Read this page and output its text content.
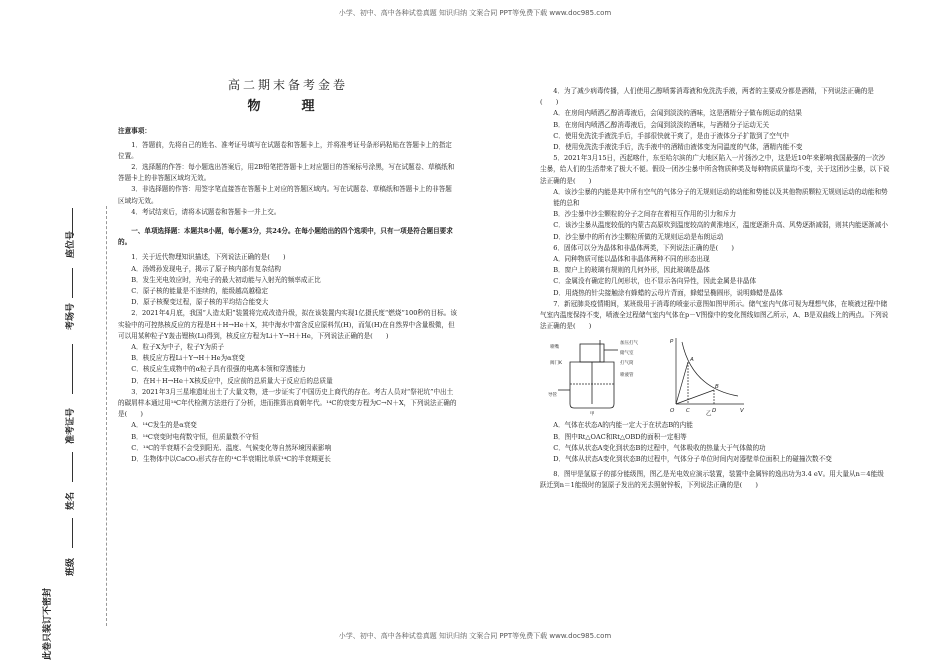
小学、初中、高中各种试卷真题 知识归纳 文案合同 PPT等免费下载 www.doc985.com
小学、初中、高中各种试卷真题 知识归纳 文案合同 PPT等免费下载 www.doc985.com
座位号
考场号
准考证号
姓名
班级
此卷只装订不密封
高二期末备考金卷
物　理

注意事项：

1．答题前，先将自己的姓名、准考证号填写在试题卷和答题卡上，并将准考证号条形码粘贴在答题卡上的指定位置。

2．选择题的作答：每小题选出答案后，用2B铅笔把答题卡上对应题目的答案标号涂黑，写在试题卷、草稿纸和答题卡上的非答题区域均无效。

3．非选择题的作答：用签字笔直接答在答题卡上对应的答题区域内。写在试题卷、草稿纸和答题卡上的非答题区域均无效。

4．考试结束后，请将本试题卷和答题卡一并上交。

一、单项选择题：本题共8小题，每小题3分，共24分。在每小题给出的四个选项中，只有一项是符合题目要求的。

1．关于近代物理知识描述，下列说法正确的是(　　)

A．汤姆孙发现电子，揭示了原子核内部有复杂结构

B．发生光电效应时，光电子的最大初动能与入射光的频率成正比

C．原子核的能量是不连续的，能级越高越稳定

D．原子核聚变过程，原子核的平均结合能变大

2．2021年4月底，我国“人造太阳”装置将完成改造升级，拟在该装置内实现1亿摄氏度“燃烧”100秒的目标。该实验中的可控热核反应的方程是H＋H→He＋X，其中海水中富含反应原料氘(H)，而氚(H)在自然界中含量极微，但可以用某种粒子Y轰击锂核(Li)得到，核反应方程为Li＋Y→H＋He，下列说法正确的是(　　)

A．粒子X为中子，粒子Y为质子

B．核反应方程Li＋Y→H＋He为α衰变

C．核反应生成物中的α粒子具有很强的电离本领和穿透能力

D．在H＋H→He＋X核反应中，反应前的总质量大于反应后的总质量

3．2021年3月三星堆遗址出土了大量文物，进一步证实了中国历史上商代的存在。考古人员对“祭祀坑”中出土的碳屑样本通过用¹⁴C年代检测方法进行了分析，进而推算出商朝年代。¹⁴C的衰变方程为C→N＋X，下列说法正确的是(　　)

A．¹⁴C发生的是α衰变

B．¹⁴C衰变时电荷数守恒，但质量数不守恒

C．¹⁴C的半衰期不会受到阳光、温度、气候变化等自然环境因素影响

D．生物体中以CaCO₃形式存在的¹⁴C半衰期比单质¹⁴C的半衰期更长

4．为了减少病毒传播，人们使用乙醇喷雾消毒液和免洗洗手液，两者的主要成分都是酒精，下列说法正确的是(　　)

A．在房间内喷洒乙醇消毒液后，会闻到淡淡的酒味，这是酒精分子做布朗运动的结果

B．在房间内喷洒乙醇消毒液后，会闻到淡淡的酒味，与酒精分子运动无关

C．使用免洗洗手液洗手后，手部很快就干爽了，是由于液体分子扩散到了空气中

D．使用免洗洗手液洗手后，洗手液中的酒精由液体变为同温度的气体，酒精内能不变

5．2021年3月15日，西起喀什，东至哈尔滨的广大地区陷入一片扬沙之中，这是近10年来影响我国最强的一次沙尘暴，给人们的生活带来了极大不便。假设一团沙尘暴中所含物质种类及每种物质质量均不变，关于这团沙尘暴，以下说法正确的是(　　)

A．该沙尘暴的内能是其中所有空气的气体分子的无规则运动的动能和势能以及其他物质颗粒无规则运动的动能和势能的总和

B．沙尘暴中沙尘颗粒的分子之间存在着相互作用的引力和斥力

C．该沙尘暴从温度较低的内蒙古高原吹到温度较高的黄淮地区，温度逐渐升高、风势逐渐减弱，则其内能逐渐减小

D．沙尘暴中的所有沙尘颗粒所做的无规则运动是布朗运动

6．固体可以分为晶体和非晶体两类，下列说法正确的是(　　)

A．同种物质可能以晶体和非晶体两种不同的形态出现

B．窗户上的玻璃有规则的几何外形，因此玻璃是晶体

C．金属没有确定的几何形状，也不显示各向异性，因此金属是非晶体

D．用烧热的针尖接触涂有蜂蜡的云母片背面，蜂蜡呈椭圆形，说明蜂蜡是晶体

7．新冠肺炎疫情期间，某班级用于消毒的喷壶示意图如图甲所示。储气室内气体可视为理想气体，在喷液过程中储气室内温度保持不变，喷液全过程储气室内气体在p－V图像中的变化图线如图乙所示，A、B是双曲线上的两点。下列说法正确的是(　　)

喷嘴
加压打气
储气室
打气筒
阀门K
喷液管
导管
甲
p
V
O
A
B
C	D
乙

A．气体在状态A的内能一定大于在状态B的内能

B．图中Rt△OAC和Rt△OBD的面积一定相等

C．气体从状态A变化到状态B的过程中，气体吸收的热量大于气体做的功

D．气体从状态A变化到状态B的过程中，气体分子单位时间内对器壁单位面积上的碰撞次数不变

8．图甲是氢原子的部分能级图，图乙是光电效应演示装置，装置中金属锌的逸出功为3.4 eV。用大量从n＝4能级跃迁到n＝1能级时的氢原子发出的光去照射锌板，下列说法正确的是(　　)
